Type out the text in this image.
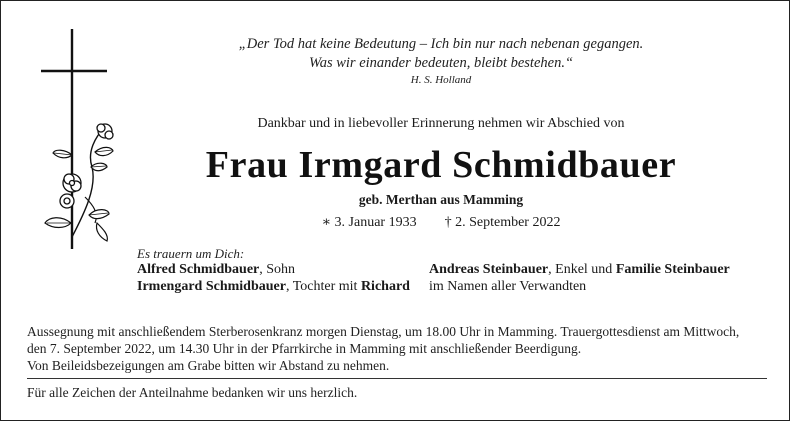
„Der Tod hat keine Bedeutung – Ich bin nur nach nebenan gegangen.
Was wir einander bedeuten, bleibt bestehen.“
H. S. Holland
Dankbar und in liebevoller Erinnerung nehmen wir Abschied von
Frau Irmgard Schmidbauer
geb. Merthan aus Mamming
∗ 3. Januar 1933 † 2. September 2022
Es trauern um Dich:
Alfred Schmidbauer, Sohn
Irmengard Schmidbauer, Tochter mit Richard
Andreas Steinbauer, Enkel und Familie Steinbauer
im Namen aller Verwandten
Aussegnung mit anschließendem Sterberosenkranz morgen Dienstag, um 18.00 Uhr in Mamming. Trauergottesdienst am Mittwoch,
den 7. September 2022, um 14.30 Uhr in der Pfarrkirche in Mamming mit anschließender Beerdigung.
Von Beileidsbezeigungen am Grabe bitten wir Abstand zu nehmen.
Für alle Zeichen der Anteilnahme bedanken wir uns herzlich.
